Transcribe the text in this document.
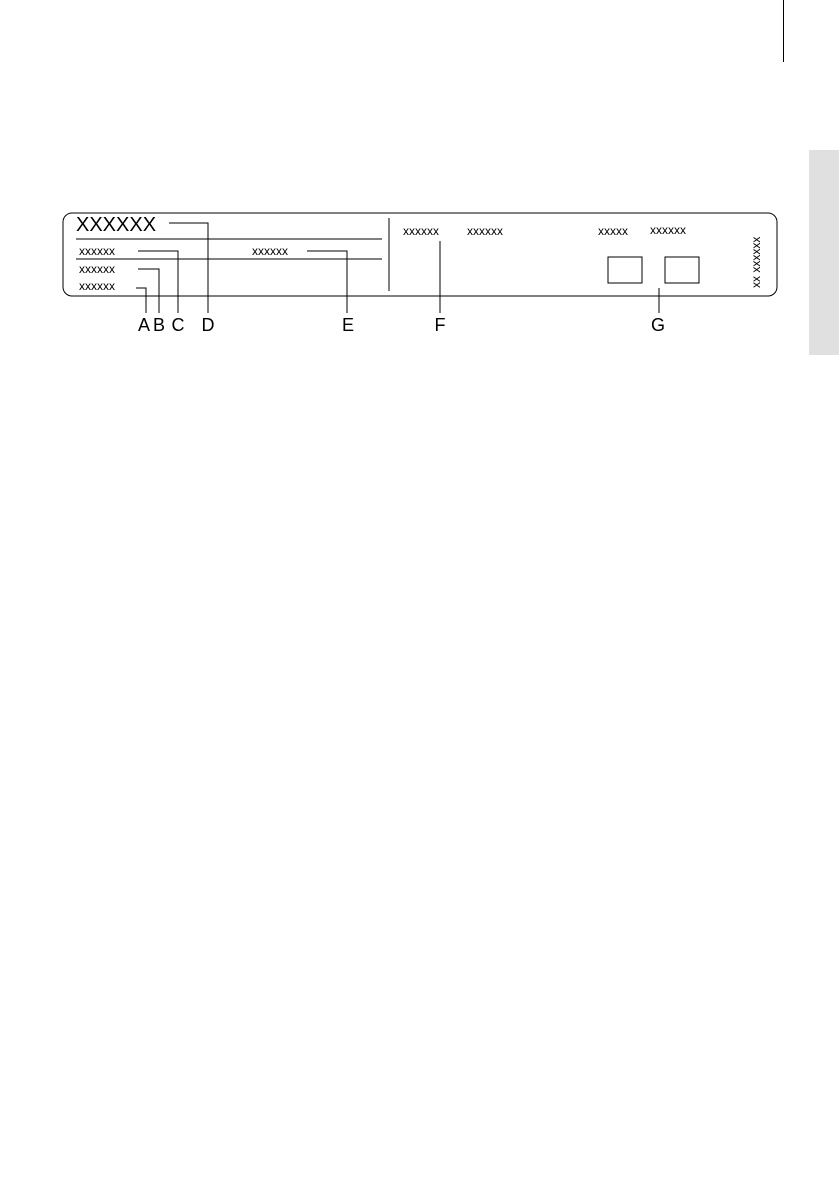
XXXXXX
xxxxxx	xxxxxx
xxxxxx
xxxxxx
xxxxxx xxxxxx	xxxxx xxxxxx
xx xxxxxx
A B C D	E	F	G
